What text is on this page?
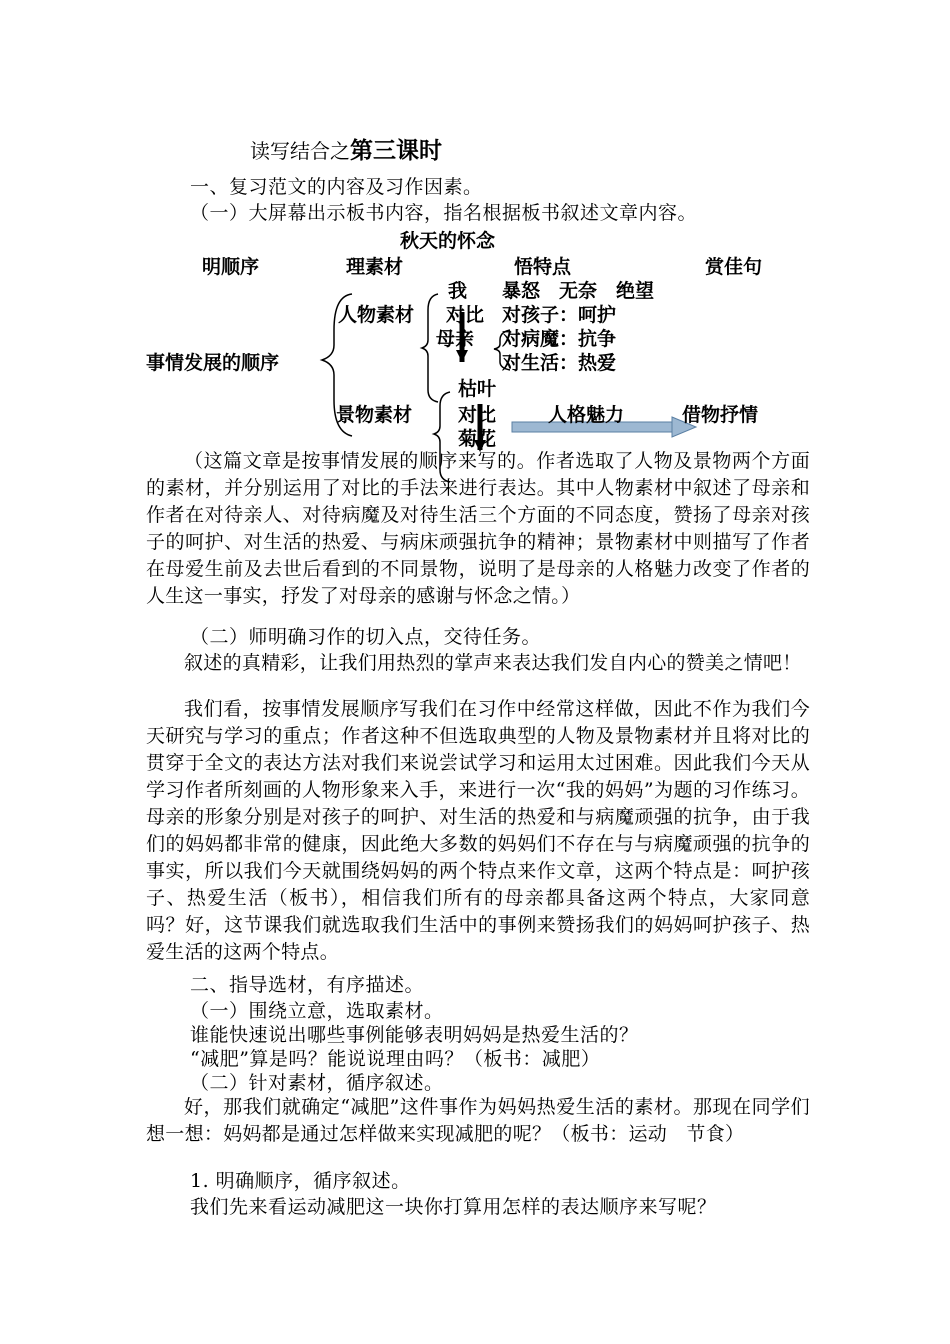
读写结合之第三课时
一、复习范文的内容及习作因素。
（一）大屏幕出示板书内容，指名根据板书叙述文章内容。
秋天的怀念
明顺序	理素材	悟特点	赏佳句
事情发展的顺序
人物素材
景物素材
我 暴怒　无奈　绝望
对比
母亲
对孩子：呵护
对病魔：抗争
对生活：热爱
枯叶
对比
菊花
人格魅力	借物抒情
（这篇文章是按事情发展的顺序来写的。作者选取了人物及景物两个方面的素材，并分别运用了对比的手法来进行表达。其中人物素材中叙述了母亲和作者在对待亲人、对待病魔及对待生活三个方面的不同态度，赞扬了母亲对孩子的呵护、对生活的热爱、与病床顽强抗争的精神；景物素材中则描写了作者在母爱生前及去世后看到的不同景物，说明了是母亲的人格魅力改变了作者的人生这一事实，抒发了对母亲的感谢与怀念之情。）
（二）师明确习作的切入点，交待任务。
叙述的真精彩，让我们用热烈的掌声来表达我们发自内心的赞美之情吧！
我们看，按事情发展顺序写我们在习作中经常这样做，因此不作为我们今天研究与学习的重点；作者这种不但选取典型的人物及景物素材并且将对比的贯穿于全文的表达方法对我们来说尝试学习和运用太过困难。因此我们今天从学习作者所刻画的人物形象来入手，来进行一次“我的妈妈”为题的习作练习。母亲的形象分别是对孩子的呵护、对生活的热爱和与病魔顽强的抗争，由于我们的妈妈都非常的健康，因此绝大多数的妈妈们不存在与与病魔顽强的抗争的事实，所以我们今天就围绕妈妈的两个特点来作文章，这两个特点是：呵护孩子、热爱生活（板书），相信我们所有的母亲都具备这两个特点，大家同意吗？好，这节课我们就选取我们生活中的事例来赞扬我们的妈妈呵护孩子、热爱生活的这两个特点。
二、指导选材，有序描述。
（一）围绕立意，选取素材。
谁能快速说出哪些事例能够表明妈妈是热爱生活的？
“减肥”算是吗？能说说理由吗？（板书：减肥）
（二）针对素材，循序叙述。
好，那我们就确定“减肥”这件事作为妈妈热爱生活的素材。那现在同学们想一想：妈妈都是通过怎样做来实现减肥的呢？（板书：运动　节食）
1. 明确顺序，循序叙述。
我们先来看运动减肥这一块你打算用怎样的表达顺序来写呢？
